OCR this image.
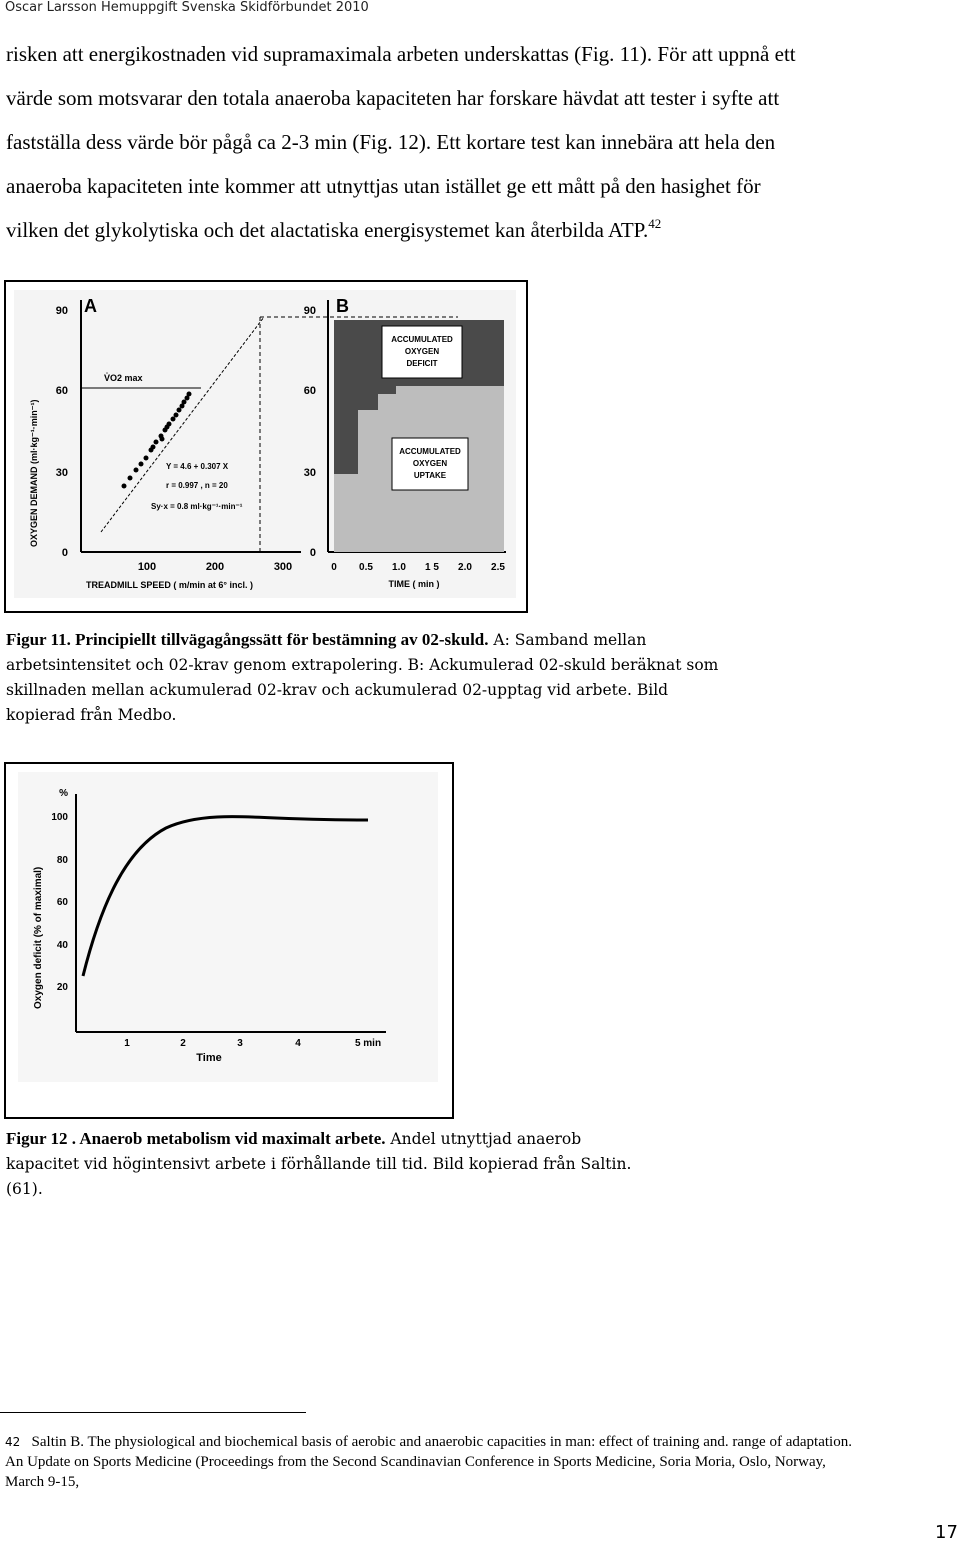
Oscar Larsson Hemuppgift Svenska Skidförbundet 2010
risken att energikostnaden vid supramaximala arbeten underskattas (Fig. 11). För att uppnå ett
värde som motsvarar den totala anaeroba kapaciteten har forskare hävdat att tester i syfte att
fastställa dess värde bör pågå ca 2-3 min (Fig. 12). Ett kortare test kan innebära att hela den
anaeroba kapaciteten inte kommer att utnyttjas utan istället ge ett mått på den hasighet för
vilken det glykolytiska och det alactatiska energisystemet kan återbilda ATP.$^{42}$
A
90
60
30
0
100	200	300
TREADMILL SPEED ( m/min at 6° incl. )
OXYGEN DEMAND (ml·kg⁻¹·min⁻¹)
V̇O2 max
Y = 4.6 + 0.307 X
r = 0.997 , n = 20
Sy·x = 0.8 ml·kg⁻¹·min⁻¹
B
90
60
30
0
ACCUMULATED
OXYGEN
DEFICIT
ACCUMULATED
OXYGEN
UPTAKE
0 0.5 1.0 1 5 2.0 2.5
TIME ( min )
Figur 11. Principiellt tillvägagångssätt för bestämning av 02-skuld. A: Samband mellan
arbetsintensitet och 02-krav genom extrapolering. B: Ackumulerad 02-skuld beräknat som
skillnaden mellan ackumulerad 02-krav och ackumulerad 02-upptag vid arbete. Bild
kopierad från Medbo.
%
100
80
60
40
20
1	2	3	4	5 min
Time
Oxygen deficit (% of maximal)
Figur 12 . Anaerob metabolism vid maximalt arbete. Andel utnyttjad anaerob
kapacitet vid högintensivt arbete i förhållande till tid. Bild kopierad från Saltin.
(61).
$^{42}$ Saltin B. The physiological and biochemical basis of aerobic and anaerobic capacities in man: effect of training and. range of adaptation.
An Update on Sports Medicine (Proceedings from the Second Scandinavian Conference in Sports Medicine, Soria Moria, Oslo, Norway,
March 9-15,
17
